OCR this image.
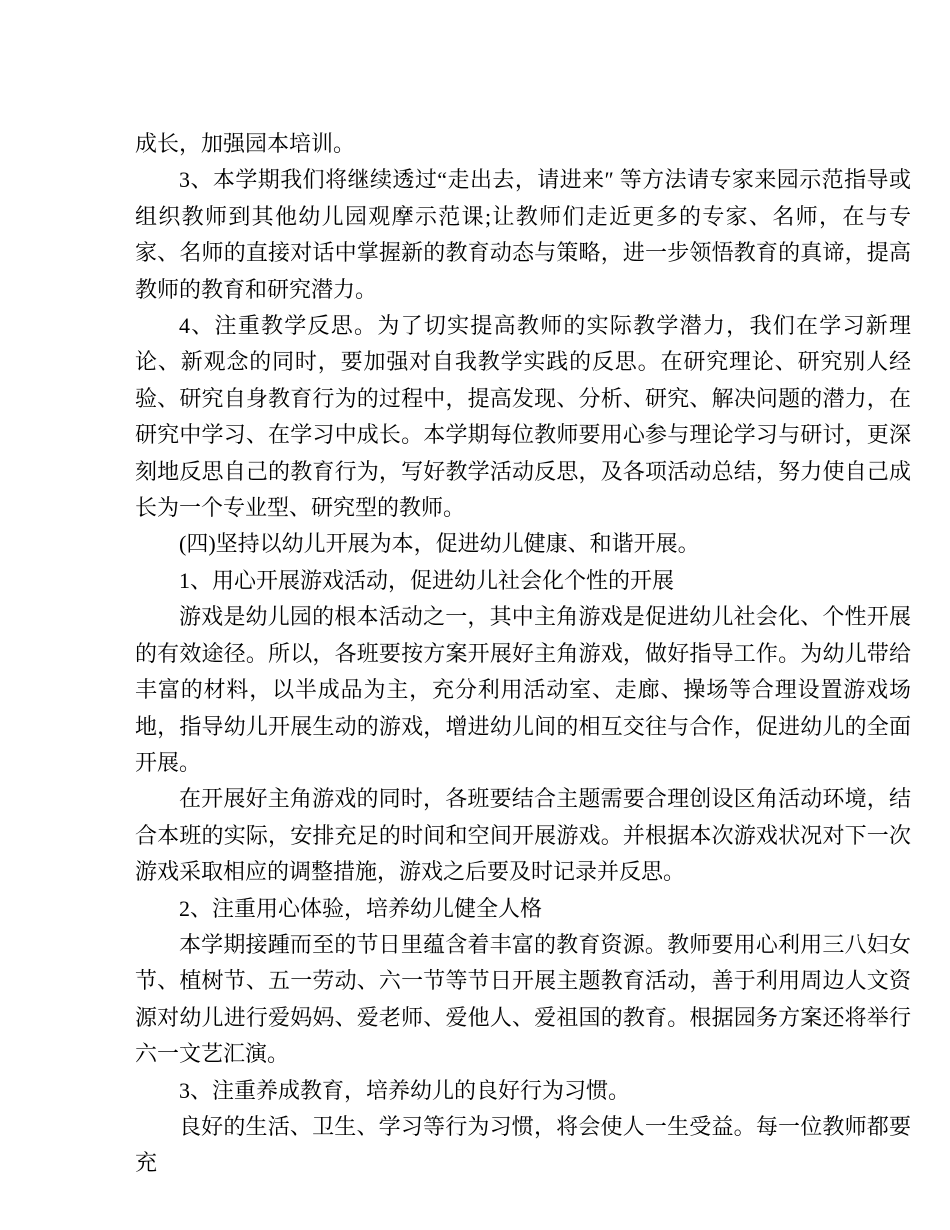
成长，加强园本培训。

3、本学期我们将继续透过“走出去，请进来″ 等方法请专家来园示范指导或组织教师到其他幼儿园观摩示范课;让教师们走近更多的专家、名师，在与专家、名师的直接对话中掌握新的教育动态与策略，进一步领悟教育的真谛，提高教师的教育和研究潜力。

4、注重教学反思。为了切实提高教师的实际教学潜力，我们在学习新理论、新观念的同时，要加强对自我教学实践的反思。在研究理论、研究别人经验、研究自身教育行为的过程中，提高发现、分析、研究、解决问题的潜力，在研究中学习、在学习中成长。本学期每位教师要用心参与理论学习与研讨，更深刻地反思自己的教育行为，写好教学活动反思，及各项活动总结，努力使自己成长为一个专业型、研究型的教师。

(四)坚持以幼儿开展为本，促进幼儿健康、和谐开展。

1、用心开展游戏活动，促进幼儿社会化个性的开展

游戏是幼儿园的根本活动之一，其中主角游戏是促进幼儿社会化、个性开展的有效途径。所以，各班要按方案开展好主角游戏，做好指导工作。为幼儿带给丰富的材料，以半成品为主，充分利用活动室、走廊、操场等合理设置游戏场地，指导幼儿开展生动的游戏，增进幼儿间的相互交往与合作，促进幼儿的全面开展。

在开展好主角游戏的同时，各班要结合主题需要合理创设区角活动环境，结合本班的实际，安排充足的时间和空间开展游戏。并根据本次游戏状况对下一次游戏采取相应的调整措施，游戏之后要及时记录并反思。

2、注重用心体验，培养幼儿健全人格

本学期接踵而至的节日里蕴含着丰富的教育资源。教师要用心利用三八妇女节、植树节、五一劳动、六一节等节日开展主题教育活动，善于利用周边人文资源对幼儿进行爱妈妈、爱老师、爱他人、爱祖国的教育。根据园务方案还将举行六一文艺汇演。

3、注重养成教育，培养幼儿的良好行为习惯。

良好的生活、卫生、学习等行为习惯，将会使人一生受益。每一位教师都要充
